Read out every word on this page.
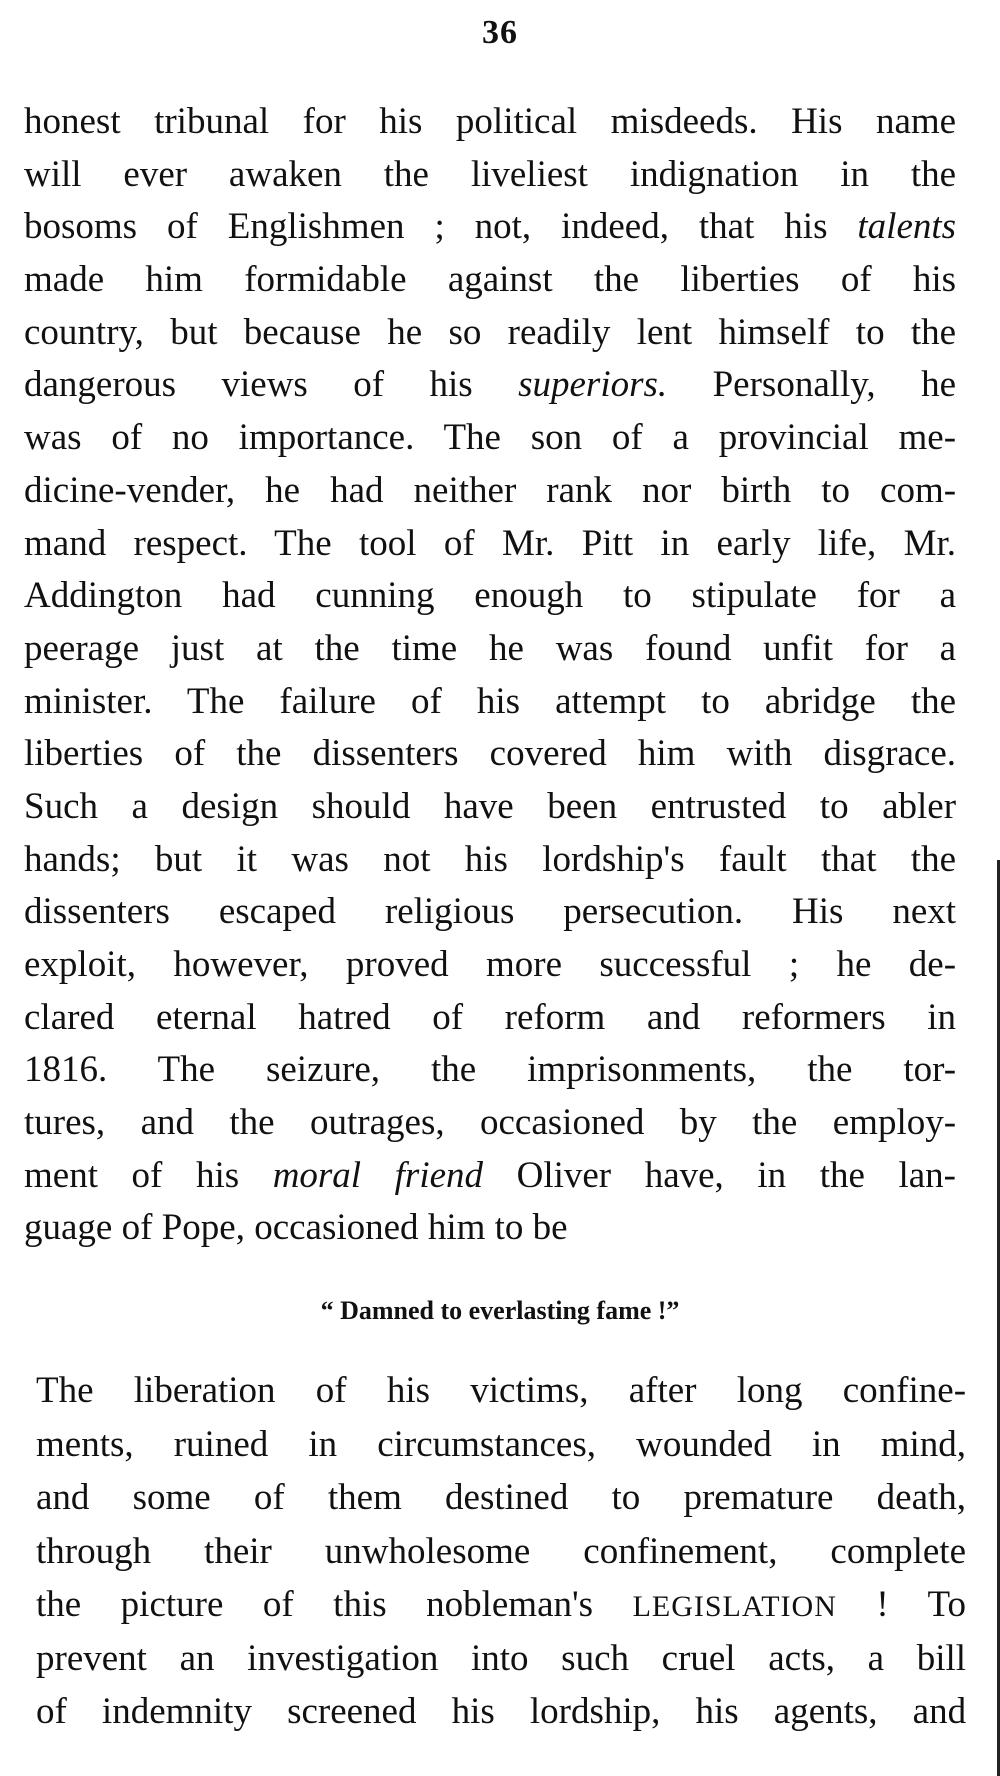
36
honest tribunal for his political misdeeds. His name
will ever awaken the liveliest indignation in the
bosoms of Englishmen ; not, indeed, that his talents
made him formidable against the liberties of his
country, but because he so readily lent himself to the
dangerous views of his superiors. Personally, he
was of no importance. The son of a provincial me-
dicine-vender, he had neither rank nor birth to com-
mand respect. The tool of Mr. Pitt in early life, Mr.
Addington had cunning enough to stipulate for a
peerage just at the time he was found unfit for a
minister. The failure of his attempt to abridge the
liberties of the dissenters covered him with disgrace.
Such a design should have been entrusted to abler
hands; but it was not his lordship's fault that the
dissenters escaped religious persecution. His next
exploit, however, proved more successful ; he de-
clared eternal hatred of reform and reformers in
1816. The seizure, the imprisonments, the tor-
tures, and the outrages, occasioned by the employ-
ment of his moral friend Oliver have, in the lan-
guage of Pope, occasioned him to be
“ Damned to everlasting fame !”
The liberation of his victims, after long confine-
ments, ruined in circumstances, wounded in mind,
and some of them destined to premature death,
through their unwholesome confinement, complete
the picture of this nobleman's LEGISLATION ! To
prevent an investigation into such cruel acts, a bill
of indemnity screened his lordship, his agents, and
